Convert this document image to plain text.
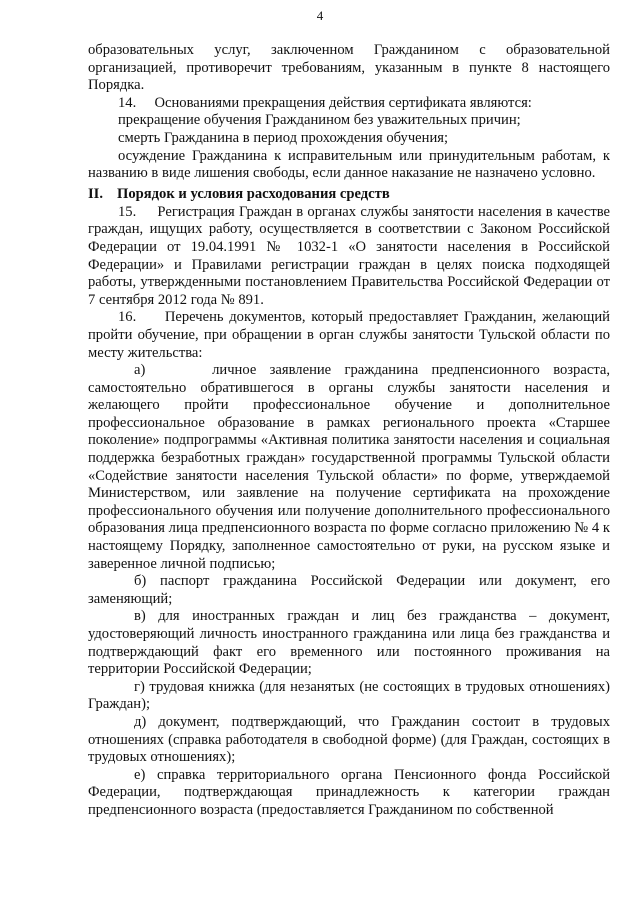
4

образовательных услуг, заключенном Гражданином с образовательной организацией, противоречит требованиям, указанным в пункте 8 настоящего Порядка.

14.     Основаниями прекращения действия сертификата являются:

прекращение обучения Гражданином без уважительных причин;

смерть Гражданина в период прохождения обучения;

осуждение Гражданина к исправительным или принудительным работам, к названию в виде лишения свободы, если данное наказание не назначено условно.

II. Порядок и условия расходования средств

15.     Регистрация Граждан в органах службы занятости населения в качестве граждан, ищущих работу, осуществляется в соответствии с Законом Российской Федерации от 19.04.1991 № 1032-1 «О занятости населения в Российской Федерации» и Правилами регистрации граждан в целях поиска подходящей работы, утвержденными постановлением Правительства Российской Федерации от 7 сентября 2012 года № 891.

16.     Перечень документов, который предоставляет Гражданин, желающий пройти обучение, при обращении в орган службы занятости Тульской области по месту жительства:

а)     личное заявление гражданина предпенсионного возраста, самостоятельно обратившегося в органы службы занятости населения и желающего пройти профессиональное обучение и дополнительное профессиональное образование в рамках регионального проекта «Старшее поколение» подпрограммы «Активная политика занятости населения и социальная поддержка безработных граждан» государственной программы Тульской области «Содействие занятости населения Тульской области» по форме, утверждаемой Министерством, или заявление на получение сертификата на прохождение профессионального обучения или получение дополнительного профессионального образования лица предпенсионного возраста по форме согласно приложению № 4 к настоящему Порядку, заполненное самостоятельно от руки, на русском языке и заверенное личной подписью;

б) паспорт гражданина Российской Федерации или документ, его заменяющий;

в) для иностранных граждан и лиц без гражданства – документ, удостоверяющий личность иностранного гражданина или лица без гражданства и подтверждающий факт его временного или постоянного проживания на территории Российской Федерации;

г) трудовая книжка (для незанятых (не состоящих в трудовых отношениях) Граждан);

д) документ, подтверждающий, что Гражданин состоит в трудовых отношениях (справка работодателя в свободной форме) (для Граждан, состоящих в трудовых отношениях);

е) справка территориального органа Пенсионного фонда Российской Федерации, подтверждающая принадлежность к категории граждан предпенсионного возраста (предоставляется Гражданином по собственной
